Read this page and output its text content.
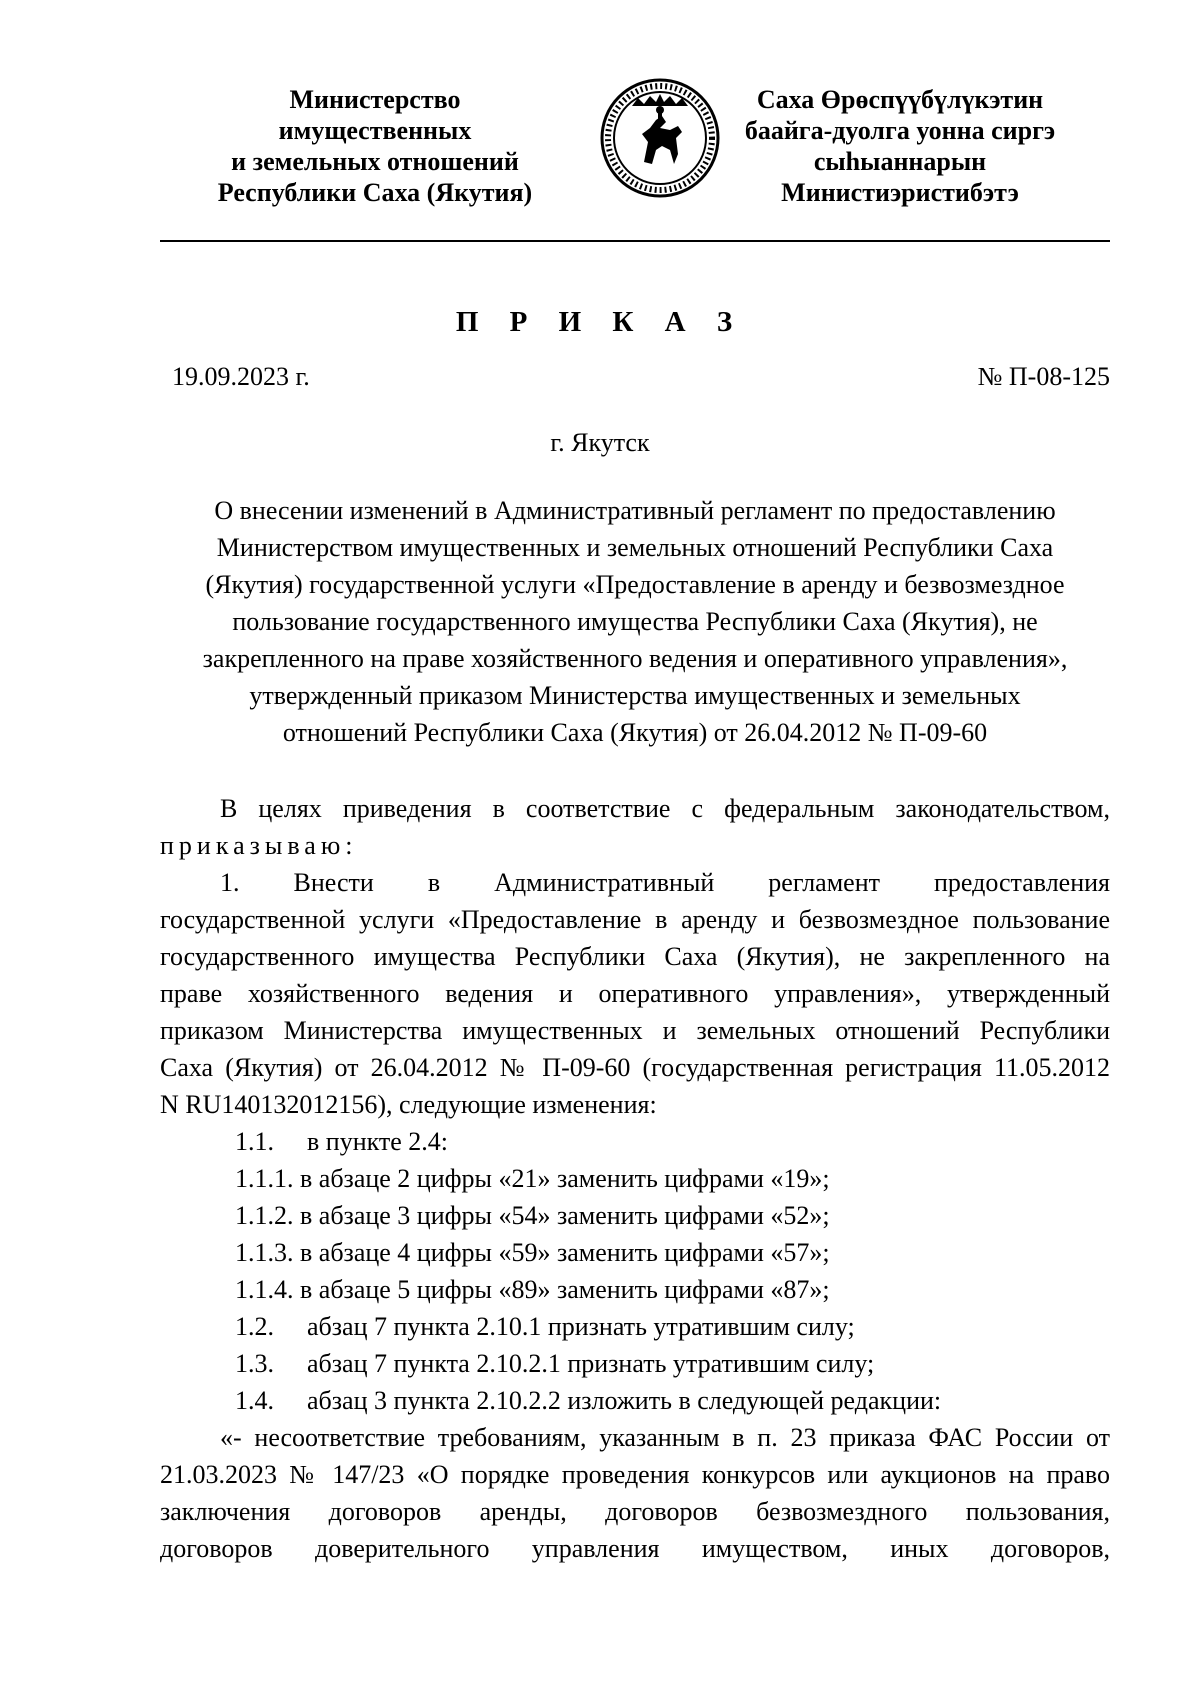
Министерство
имущественных
и земельных отношений
Республики Саха (Якутия)
Саха Өрөспүүбүлүкэтин
баайга-дуолга уонна сиргэ
сыһыаннарын
Министиэристибэтэ
П Р И К А З
19.09.2023 г.	№ П-08-125
г. Якутск
О внесении изменений в Административный регламент по предоставлению
Министерством имущественных и земельных отношений Республики Саха
(Якутия) государственной услуги «Предоставление в аренду и безвозмездное
пользование государственного имущества Республики Саха (Якутия), не
закрепленного на праве хозяйственного ведения и оперативного управления»,
утвержденный приказом Министерства имущественных и земельных
отношений Республики Саха (Якутия) от 26.04.2012 № П-09-60

В целях приведения в соответствие с федеральным законодательством,

приказываю:

1. Внести в Административный регламент предоставления

государственной услуги «Предоставление в аренду и безвозмездное пользование

государственного имущества Республики Саха (Якутия), не закрепленного на

праве хозяйственного ведения и оперативного управления», утвержденный

приказом Министерства имущественных и земельных отношений Республики

Саха (Якутия) от 26.04.2012 № П-09-60 (государственная регистрация 11.05.2012

N RU140132012156), следующие изменения:

1.1.	в пункте 2.4:
1.1.1.
в абзаце 2 цифры «21» заменить цифрами «19»;
1.1.2.
в абзаце 3 цифры «54» заменить цифрами «52»;
1.1.3.
в абзаце 4 цифры «59» заменить цифрами «57»;
1.1.4.
в абзаце 5 цифры «89» заменить цифрами «87»;
1.2.	абзац 7 пункта 2.10.1 признать утратившим силу;
1.3.	абзац 7 пункта 2.10.2.1 признать утратившим силу;
1.4.	абзац 3 пункта 2.10.2.2 изложить в следующей редакции:

«- несоответствие требованиям, указанным в п. 23 приказа ФАС России от

21.03.2023 № 147/23 «О порядке проведения конкурсов или аукционов на право

заключения договоров аренды, договоров безвозмездного пользования,

договоров доверительного управления имуществом, иных договоров,
